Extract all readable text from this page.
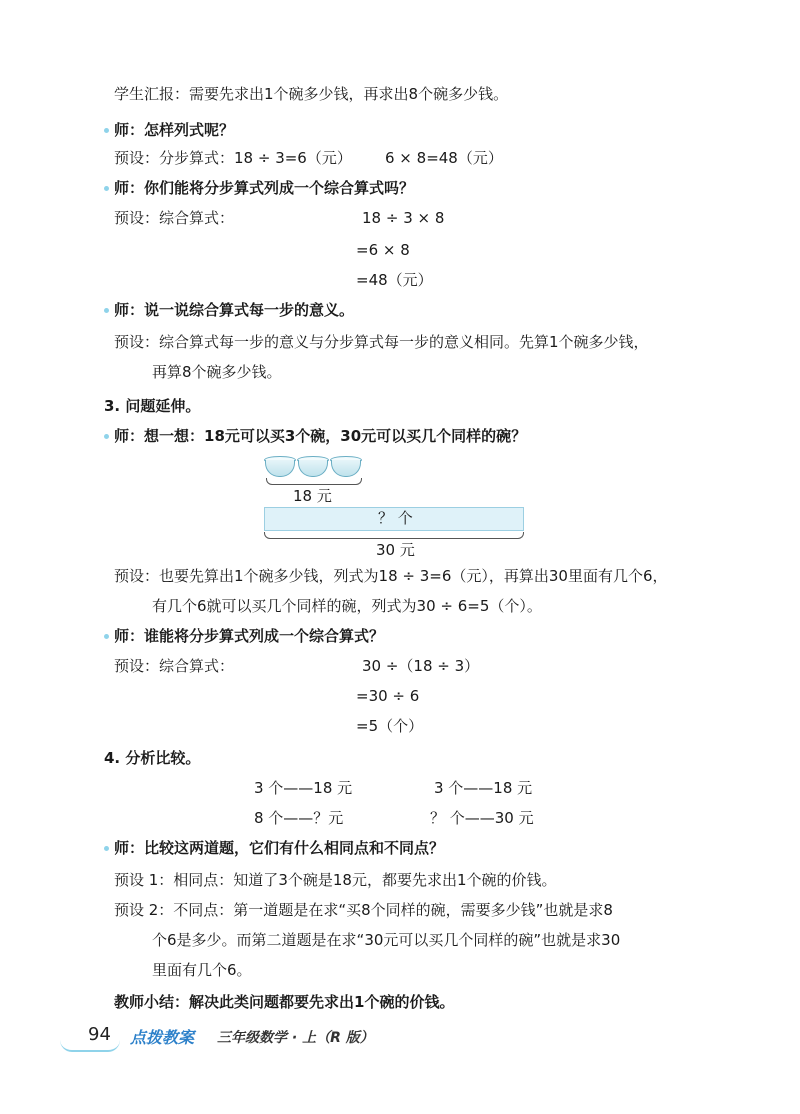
学生汇报：需要先求出1个碗多少钱，再求出8个碗多少钱。
师：怎样列式呢？
预设：分步算式：18 ÷ 3=6（元） 6 × 8=48（元）
师：你们能将分步算式列成一个综合算式吗？
预设：综合算式：	18 ÷ 3 × 8
=6 × 8
=48（元）
师：说一说综合算式每一步的意义。
预设：综合算式每一步的意义与分步算式每一步的意义相同。先算1个碗多少钱，
再算8个碗多少钱。
3. 问题延伸。
师：想一想：18元可以买3个碗，30元可以买几个同样的碗？
18 元
？ 个
30 元
预设：也要先算出1个碗多少钱，列式为18 ÷ 3=6（元），再算出30里面有几个6，
有几个6就可以买几个同样的碗，列式为30 ÷ 6=5（个）。
师：谁能将分步算式列成一个综合算式？
预设：综合算式：	30 ÷（18 ÷ 3）
=30 ÷ 6
=5（个）
4. 分析比较。
3 个——18 元	3 个——18 元
8 个——？元	？ 个——30 元
师：比较这两道题，它们有什么相同点和不同点？
预设 1：相同点：知道了3个碗是18元，都要先求出1个碗的价钱。
预设 2：不同点：第一道题是在求“买8个同样的碗，需要多少钱”也就是求8
个6是多少。而第二道题是在求“30元可以买几个同样的碗”也就是求30
里面有几个6。
教师小结：解决此类问题都要先求出1个碗的价钱。
94 点拨教案 三年级数学 · 上（R 版）
